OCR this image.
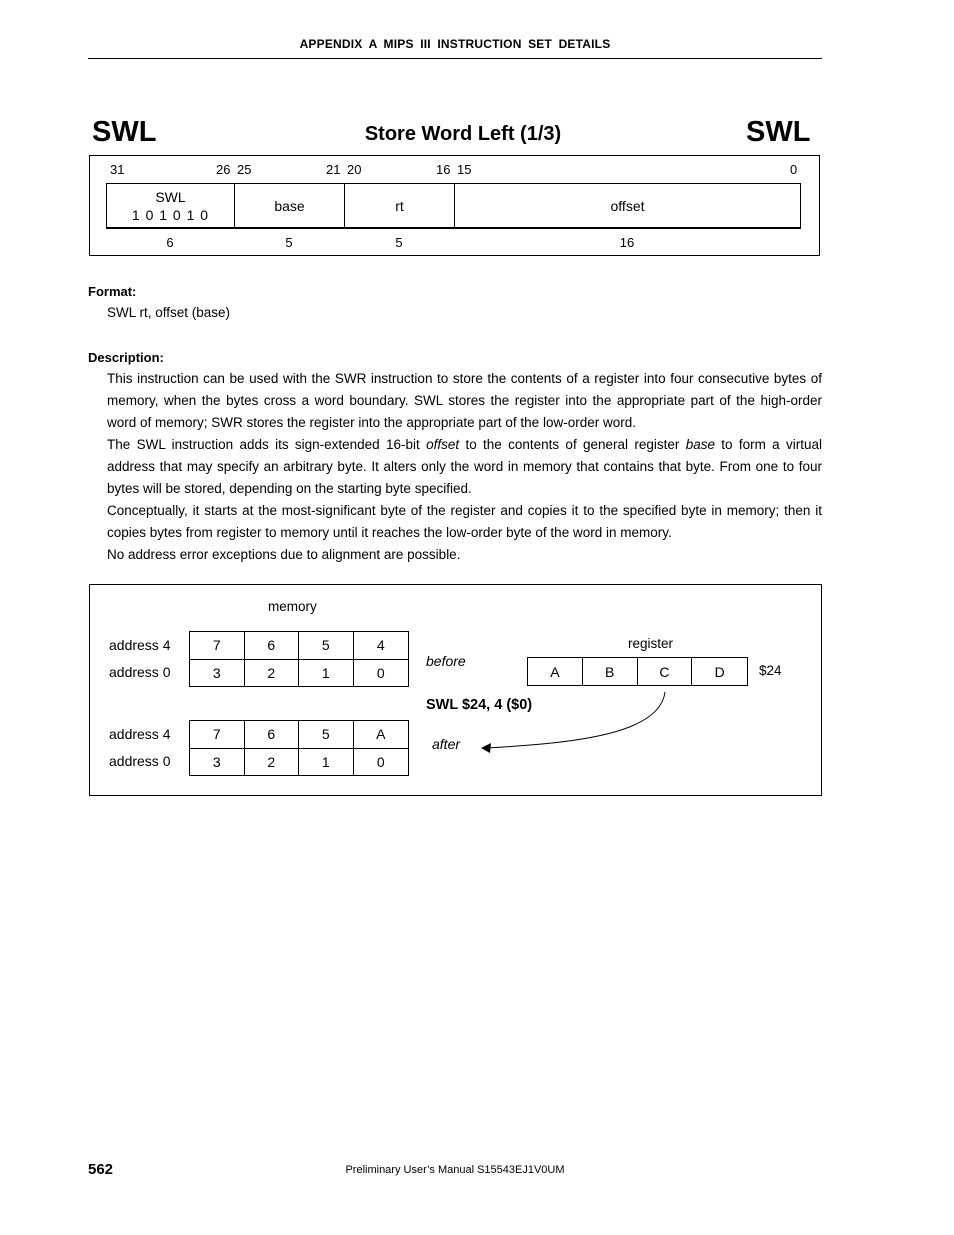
APPENDIX A MIPS III INSTRUCTION SET DETAILS
SWL	Store Word Left (1/3)	SWL
31	26 25	21 20	16 15	0
SWL
1 0 1 0 1 0
base	rt	offset
6	5	5	16
Format:
SWL rt, offset (base)
Description:

This instruction can be used with the SWR instruction to store the contents of a register into four consecutive bytes of memory, when the bytes cross a word boundary. SWL stores the register into the appropriate part of the high-order word of memory; SWR stores the register into the appropriate part of the low-order word.

The SWL instruction adds its sign-extended 16-bit offset to the contents of general register base to form a virtual address that may specify an arbitrary byte. It alters only the word in memory that contains that byte. From one to four bytes will be stored, depending on the starting byte specified.

Conceptually, it starts at the most-significant byte of the register and copies it to the specified byte in memory; then it copies bytes from register to memory until it reaches the low-order byte of the word in memory.

No address error exceptions due to alignment are possible.

memory
address 4
address 0
7	6	5	4
3	2	1	0
before
register
A	B	C	D	$24
SWL $24, 4 ($0)
address 4
address 0
7	6	5	A
3	2	1	0
after
562	Preliminary User’s Manual S15543EJ1V0UM
